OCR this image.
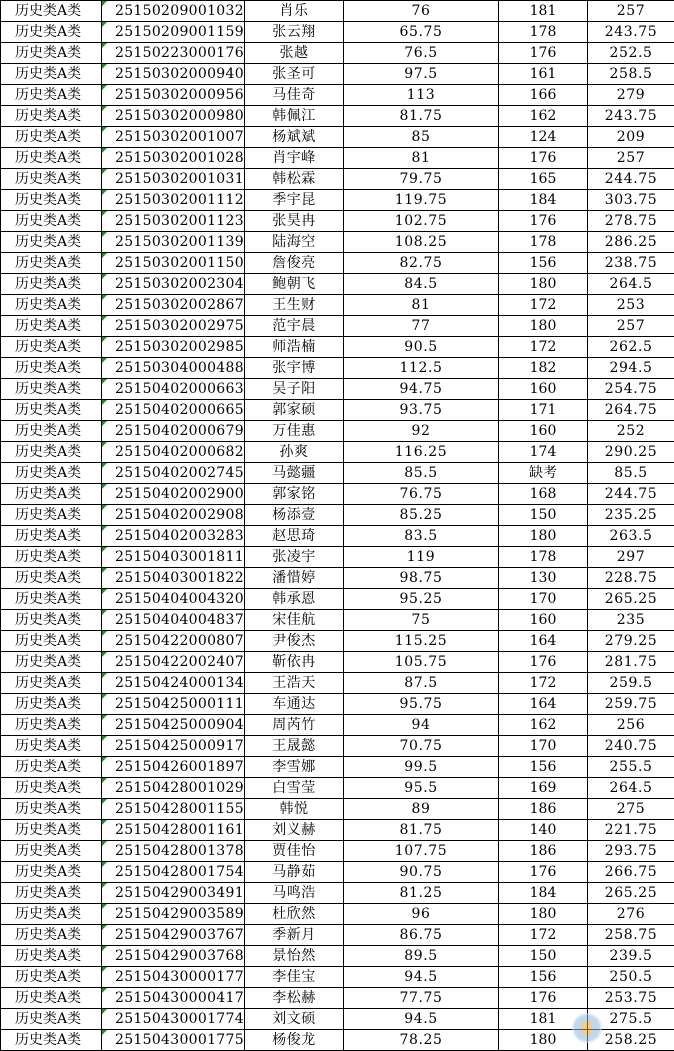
历史类A类	25150209001032	肖乐	76	181	257
历史类A类	25150209001159	张云翔	65.75	178	243.75
历史类A类	25150223000176	张越	76.5	176	252.5
历史类A类	25150302000940	张圣可	97.5	161	258.5
历史类A类	25150302000956	马佳奇	113	166	279
历史类A类	25150302000980	韩佩江	81.75	162	243.75
历史类A类	25150302001007	杨斌斌	85	124	209
历史类A类	25150302001028	肖宇峰	81	176	257
历史类A类	25150302001031	韩松霖	79.75	165	244.75
历史类A类	25150302001112	季宇昆	119.75	184	303.75
历史类A类	25150302001123	张昊冉	102.75	176	278.75
历史类A类	25150302001139	陆海空	108.25	178	286.25
历史类A类	25150302001150	詹俊亮	82.75	156	238.75
历史类A类	25150302002304	鲍朝飞	84.5	180	264.5
历史类A类	25150302002867	王生财	81	172	253
历史类A类	25150302002975	范宇晨	77	180	257
历史类A类	25150302002985	师浩楠	90.5	172	262.5
历史类A类	25150304000488	张宇博	112.5	182	294.5
历史类A类	25150402000663	吴子阳	94.75	160	254.75
历史类A类	25150402000665	郭家硕	93.75	171	264.75
历史类A类	25150402000679	万佳惠	92	160	252
历史类A类	25150402000682	孙爽	116.25	174	290.25
历史类A类	25150402002745	马懿疆	85.5	缺考	85.5
历史类A类	25150402002900	郭家铭	76.75	168	244.75
历史类A类	25150402002908	杨添壹	85.25	150	235.25
历史类A类	25150402003283	赵思琦	83.5	180	263.5
历史类A类	25150403001811	张凌宇	119	178	297
历史类A类	25150403001822	潘惜婷	98.75	130	228.75
历史类A类	25150404004320	韩承恩	95.25	170	265.25
历史类A类	25150404004837	宋佳航	75	160	235
历史类A类	25150422000807	尹俊杰	115.25	164	279.25
历史类A类	25150422002407	靳依冉	105.75	176	281.75
历史类A类	25150424000134	王浩天	87.5	172	259.5
历史类A类	25150425000111	车通达	95.75	164	259.75
历史类A类	25150425000904	周芮竹	94	162	256
历史类A类	25150425000917	王晟懿	70.75	170	240.75
历史类A类	25150426001897	李雪娜	99.5	156	255.5
历史类A类	25150428001029	白雪莹	95.5	169	264.5
历史类A类	25150428001155	韩悦	89	186	275
历史类A类	25150428001161	刘义赫	81.75	140	221.75
历史类A类	25150428001378	贾佳怡	107.75	186	293.75
历史类A类	25150428001754	马静茹	90.75	176	266.75
历史类A类	25150429003491	马鸣浩	81.25	184	265.25
历史类A类	25150429003589	杜欣然	96	180	276
历史类A类	25150429003767	季新月	86.75	172	258.75
历史类A类	25150429003768	景怡然	89.5	150	239.5
历史类A类	25150430000177	李佳宝	94.5	156	250.5
历史类A类	25150430000417	李松赫	77.75	176	253.75
历史类A类	25150430001774	刘文硕	94.5	181	275.5
历史类A类	25150430001775	杨俊龙	78.25	180	258.25
